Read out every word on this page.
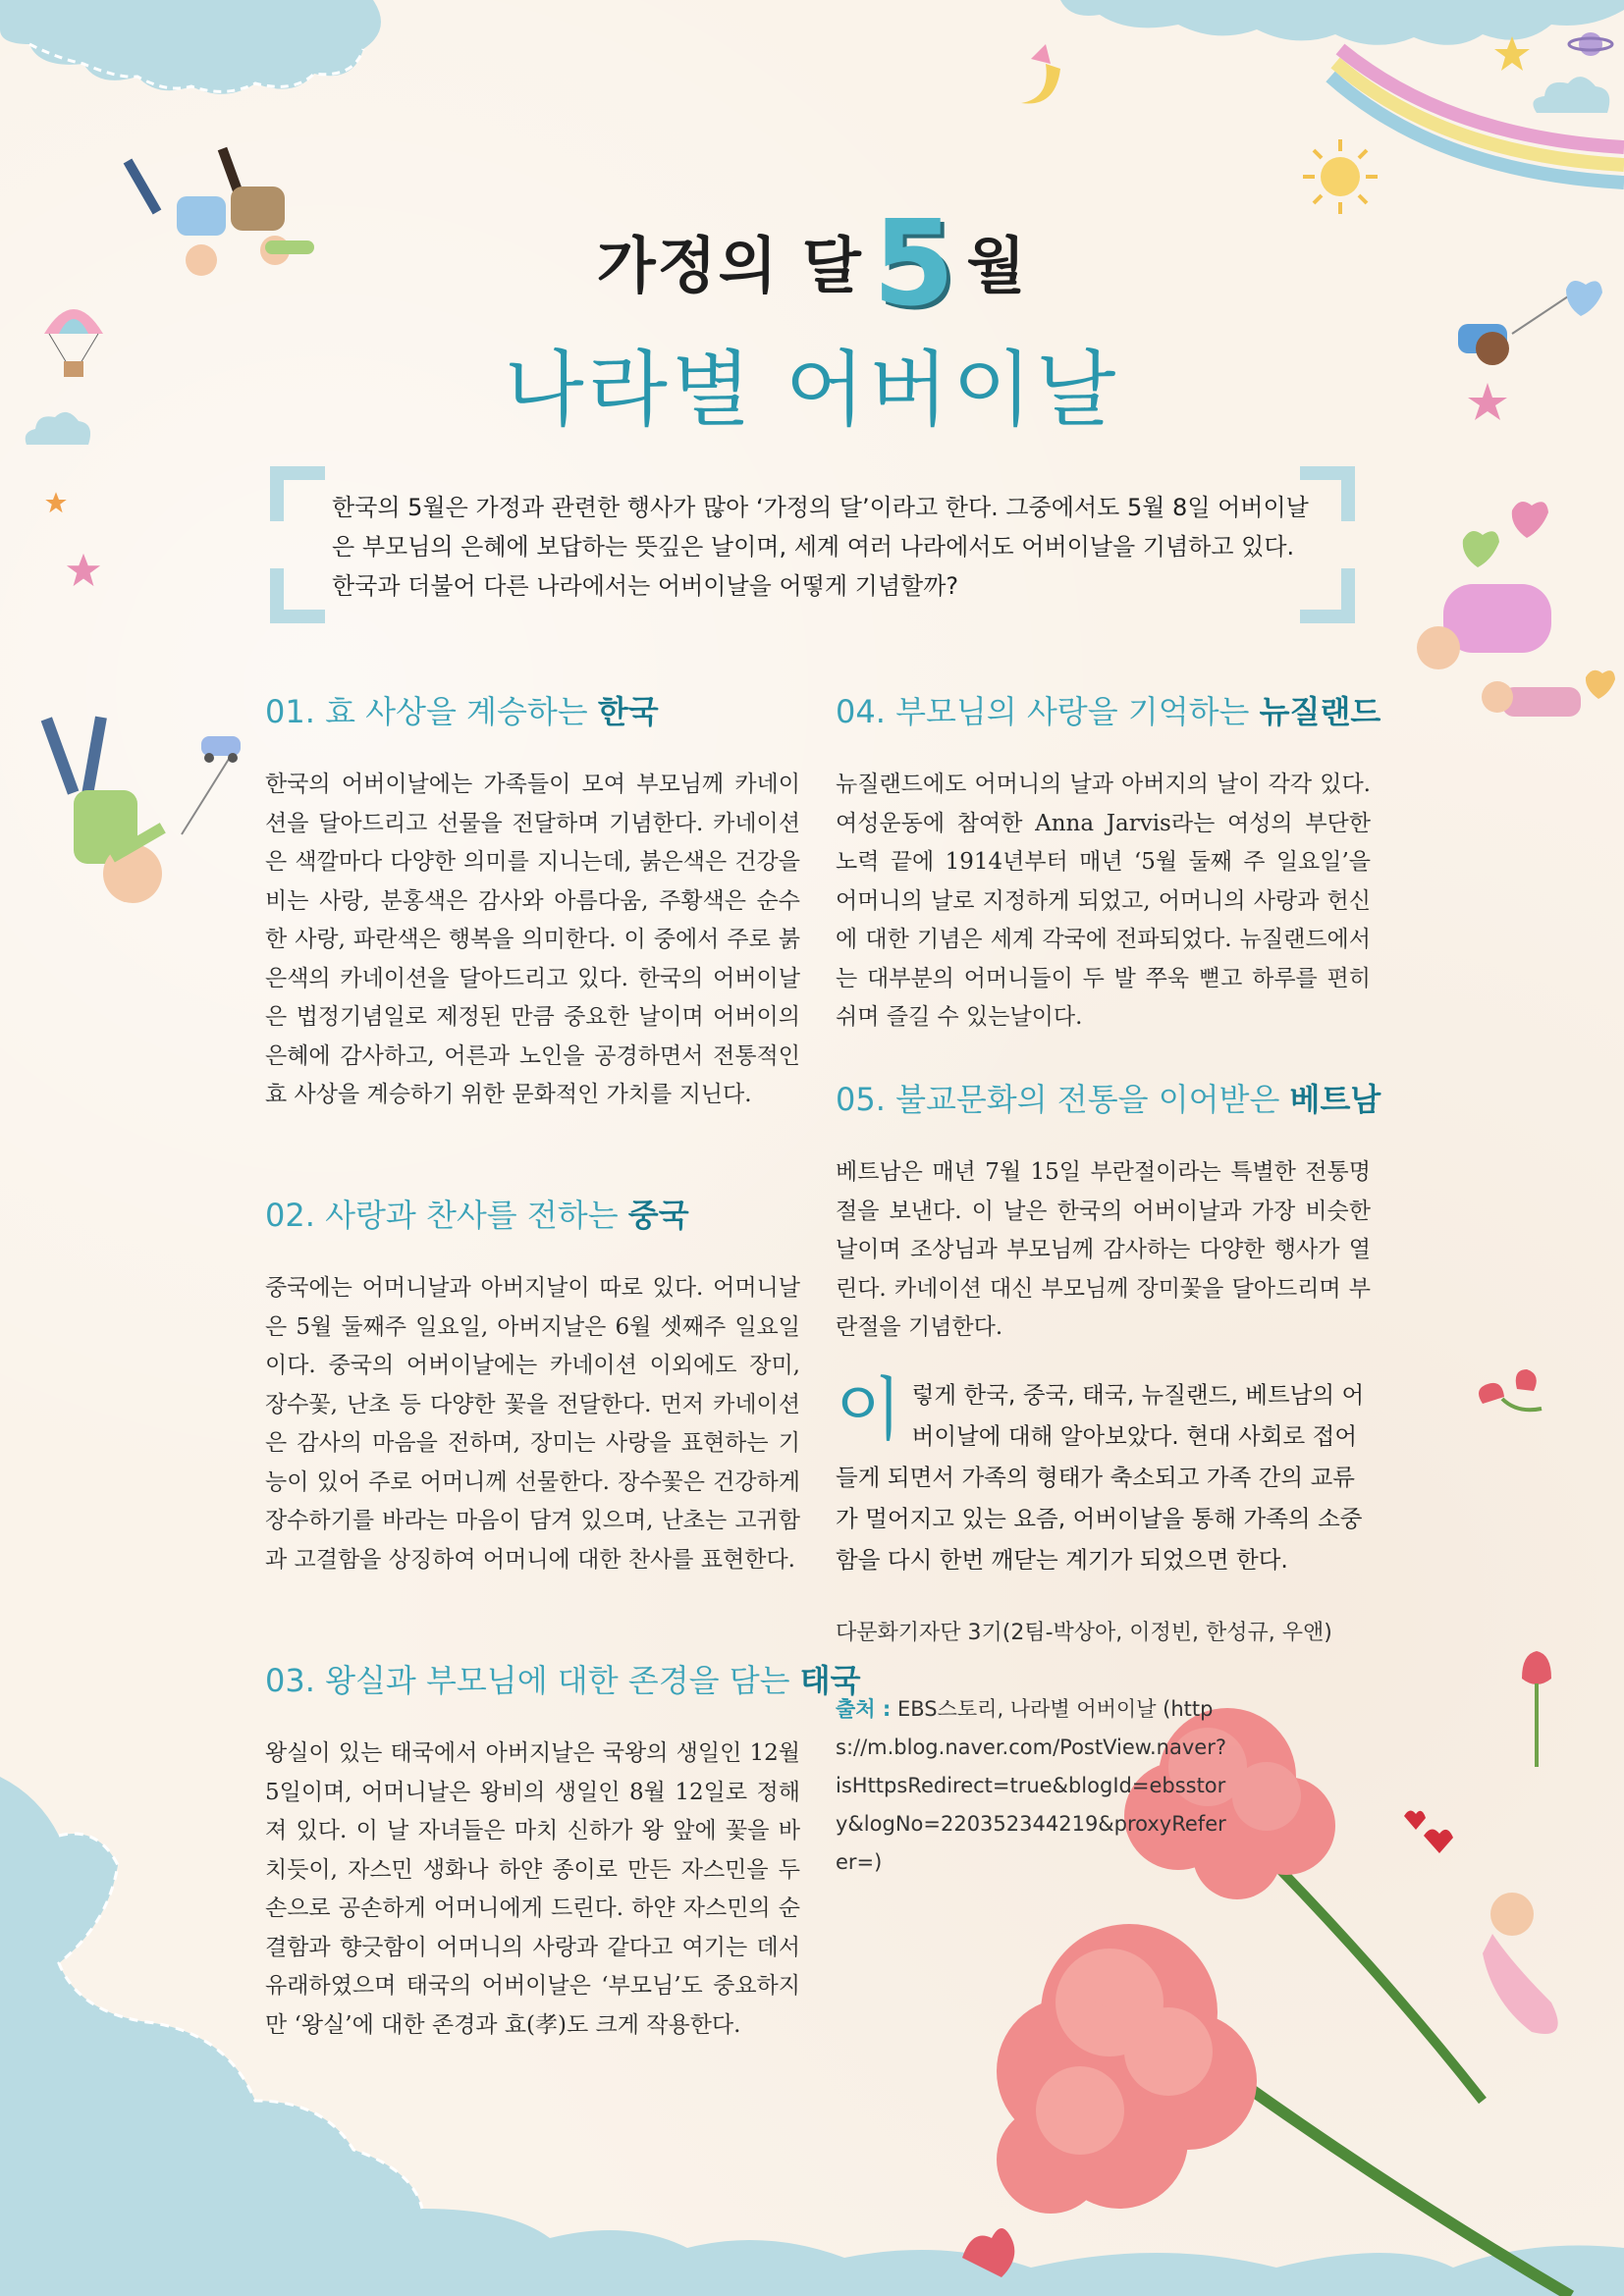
가정의 달5 월
나라별 어버이날

한국의 5월은 가정과 관련한 행사가 많아 ‘가정의 달’이라고 한다. 그중에서도 5월 8일 어버이날은 부모님의 은혜에 보답하는 뜻깊은 날이며, 세계 여러 나라에서도 어버이날을 기념하고 있다. 한국과 더불어 다른 나라에서는 어버이날을 어떻게 기념할까?

01. 효 사상을 계승하는 한국

한국의 어버이날에는 가족들이 모여 부모님께 카네이션을 달아드리고 선물을 전달하며 기념한다. 카네이션은 색깔마다 다양한 의미를 지니는데, 붉은색은 건강을 비는 사랑, 분홍색은 감사와 아름다움, 주황색은 순수한 사랑, 파란색은 행복을 의미한다. 이 중에서 주로 붉은색의 카네이션을 달아드리고 있다. 한국의 어버이날은 법정기념일로 제정된 만큼 중요한 날이며 어버이의 은혜에 감사하고, 어른과 노인을 공경하면서 전통적인 효 사상을 계승하기 위한 문화적인 가치를 지닌다.

02. 사랑과 찬사를 전하는 중국

중국에는 어머니날과 아버지날이 따로 있다. 어머니날은 5월 둘째주 일요일, 아버지날은 6월 셋째주 일요일이다. 중국의 어버이날에는 카네이션 이외에도 장미, 장수꽃, 난초 등 다양한 꽃을 전달한다. 먼저 카네이션은 감사의 마음을 전하며, 장미는 사랑을 표현하는 기능이 있어 주로 어머니께 선물한다. 장수꽃은 건강하게 장수하기를 바라는 마음이 담겨 있으며, 난초는 고귀함과 고결함을 상징하여 어머니에 대한 찬사를 표현한다.

03. 왕실과 부모님에 대한 존경을 담는 태국

왕실이 있는 태국에서 아버지날은 국왕의 생일인 12월 5일이며, 어머니날은 왕비의 생일인 8월 12일로 정해져 있다. 이 날 자녀들은 마치 신하가 왕 앞에 꽃을 바치듯이, 자스민 생화나 하얀 종이로 만든 자스민을 두 손으로 공손하게 어머니에게 드린다. 하얀 자스민의 순결함과 향긋함이 어머니의 사랑과 같다고 여기는 데서 유래하였으며 태국의 어버이날은 ‘부모님’도 중요하지만 ‘왕실’에 대한 존경과 효(孝)도 크게 작용한다.

04. 부모님의 사랑을 기억하는 뉴질랜드

뉴질랜드에도 어머니의 날과 아버지의 날이 각각 있다. 여성운동에 참여한 Anna Jarvis라는 여성의 부단한 노력 끝에 1914년부터 매년 ‘5월 둘째 주 일요일’을 어머니의 날로 지정하게 되었고, 어머니의 사랑과 헌신에 대한 기념은 세계 각국에 전파되었다. 뉴질랜드에서는 대부분의 어머니들이 두 발 쭈욱 뻗고 하루를 편히 쉬며 즐길 수 있는날이다.

05. 불교문화의 전통을 이어받은 베트남

베트남은 매년 7월 15일 부란절이라는 특별한 전통명절을 보낸다. 이 날은 한국의 어버이날과 가장 비슷한 날이며 조상님과 부모님께 감사하는 다양한 행사가 열린다. 카네이션 대신 부모님께 장미꽃을 달아드리며 부란절을 기념한다.

이렇게 한국, 중국, 태국, 뉴질랜드, 베트남의 어버이날에 대해 알아보았다. 현대 사회로 접어들게 되면서 가족의 형태가 축소되고 가족 간의 교류가 멀어지고 있는 요즘, 어버이날을 통해 가족의 소중함을 다시 한번 깨닫는 계기가 되었으면 한다.

다문화기자단 3기(2팀-박상아, 이정빈, 한성규, 우앤)

출처 : EBS스토리, 나라별 어버이날 (https://m.blog.naver.com/PostView.naver?isHttpsRedirect=true&blogId=ebsstory&logNo=220352344219&proxyReferer=)
